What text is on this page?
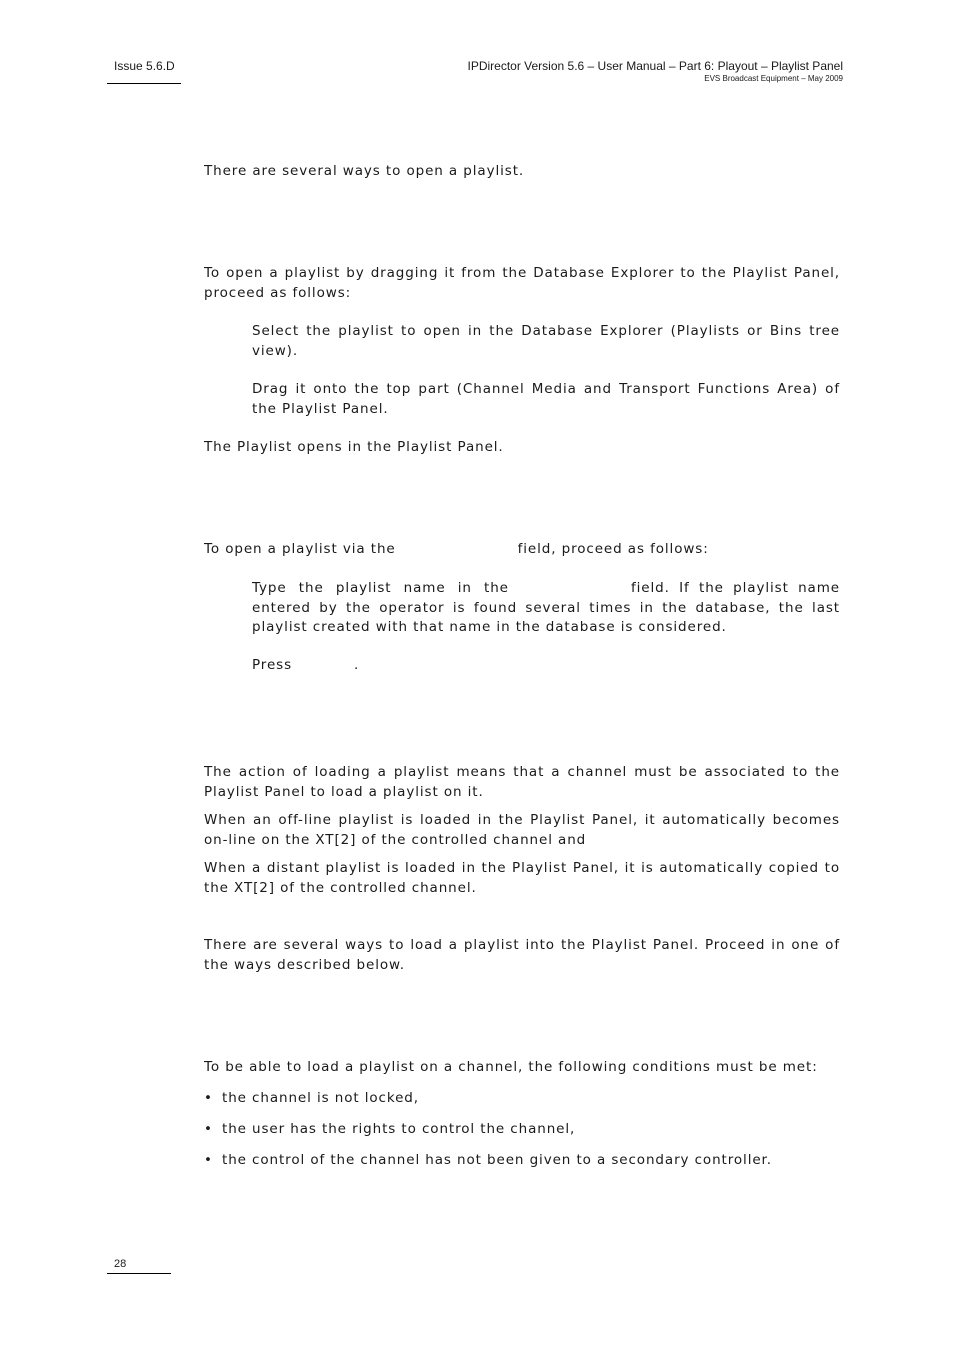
Issue 5.6.D	IPDirector Version 5.6 – User Manual – Part 6: Playout – Playlist Panel
EVS Broadcast Equipment – May 2009
There are several ways to open a playlist.
To open a playlist by dragging it from the Database Explorer to the Playlist Panel, proceed as follows:
Select the playlist to open in the Database Explorer (Playlists or Bins tree view).
Drag it onto the top part (Channel Media and Transport Functions Area) of the Playlist Panel.
The Playlist opens in the Playlist Panel.
To open a playlist via the	field, proceed as follows:
Type the playlist name in the	field. If the playlist name entered by the operator is found several times in the database, the last playlist created with that name in the database is considered.
Press	.
The action of loading a playlist means that a channel must be associated to the Playlist Panel to load a playlist on it.
When an off-line playlist is loaded in the Playlist Panel, it automatically becomes on-line on the XT[2] of the controlled channel and
When a distant playlist is loaded in the Playlist Panel, it is automatically copied to the XT[2] of the controlled channel.
There are several ways to load a playlist into the Playlist Panel. Proceed in one of the ways described below.
To be able to load a playlist on a channel, the following conditions must be met:
• the channel is not locked,
• the user has the rights to control the channel,
• the control of the channel has not been given to a secondary controller.
28
